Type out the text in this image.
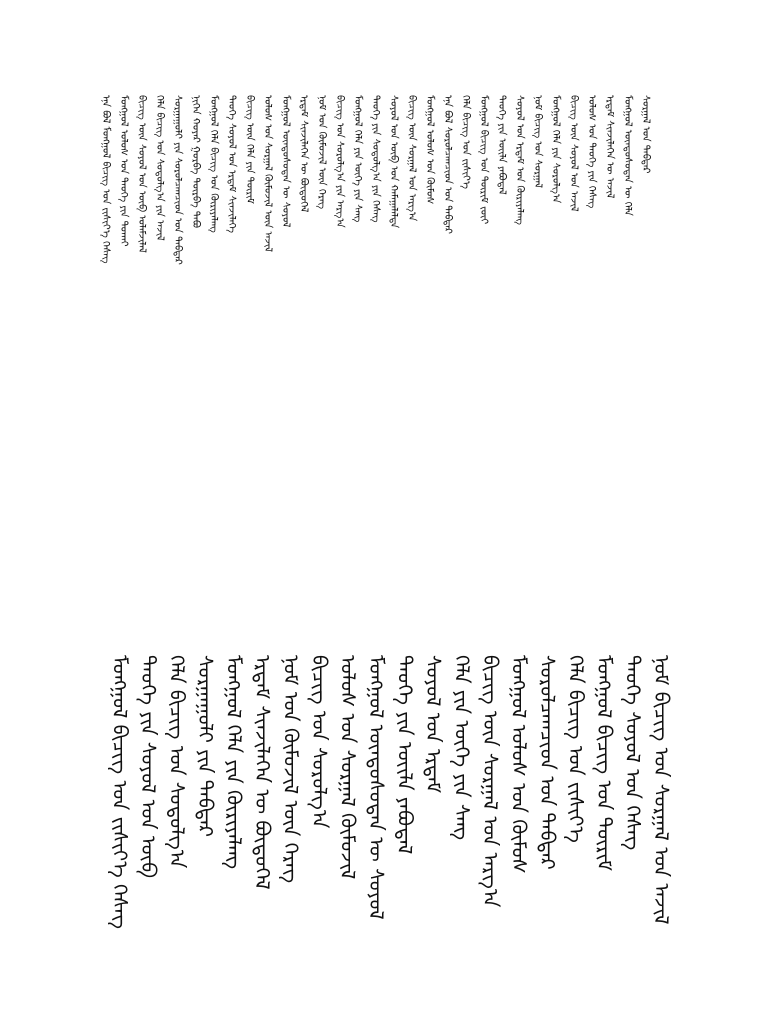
ᠡᠨᠡ ᠪᠣᠯ ᠮᠣᠩᠭᠣᠯ ᠪᠢᠴᠢᠭ ᠤᠨ ᠵᠢᠱᠢᠶ᠎ᠡ ᠬᠡᠰᠡᠭ ᠮᠣᠩᠭᠣᠯ ᠤᠯᠤᠰ ᠤᠨ ᠲᠡᠦᠬᠡ ᠶᠢᠨ ᠲᠤᠬᠠᠢ ᠪᠢᠴᠢᠭ ᠦᠨ ᠰᠣᠶᠣᠯ ᠤᠨ ᠦᠪ ᠤᠯᠠᠮᠵᠢᠯᠠᠯ ᠬᠡᠯᠡ ᠪᠢᠴᠢᠭ ᠤᠨ ᠰᠤᠳᠤᠯᠭ᠎ᠠ ᠶᠢᠨ ᠠᠵᠢᠯ ᠰᠤᠷᠭᠠᠭᠤᠯᠢ ᠶᠢᠨ ᠰᠤᠷᠤᠯᠴᠠᠭᠴᠢᠳ ᠤᠨ ᠳᠡᠪᠲᠡᠷ ᠨᠢᠭᠡᠨ ᠬᠣᠶᠠᠷ ᠭᠤᠷᠪᠠ ᠳᠥᠷᠪᠡ ᠲᠠᠪᠤ ᠮᠣᠩᠭᠣᠯ ᠬᠡᠯᠡ ᠪᠢᠴᠢᠭ ᠤᠨ ᠬᠦᠷᠢᠶᠡᠯᠡᠩ ᠲᠡᠦᠬᠡ ᠰᠣᠶᠣᠯ ᠤᠨ ᠡᠷᠳᠡᠮ ᠰᠢᠨᠵᠢᠯᠡᠭᠡ ᠪᠢᠴᠢᠭ ᠦᠨ ᠬᠡᠯᠡ ᠶᠢᠨ ᠳᠦᠷᠢᠮ ᠤᠯᠤᠰ ᠤᠨ ᠰᠤᠷᠭᠠᠯ ᠬᠦᠮᠦᠵᠢᠯ ᠦᠨ ᠠᠵᠢᠯ ᠮᠣᠩᠭᠣᠯ ᠦᠨᠳᠦᠰᠦᠲᠡᠨ ᠦ ᠰᠣᠶᠣᠯ ᠡᠷᠳᠡᠮ ᠰᠢᠨᠵᠢᠯᠡᠭᠡᠨ ᠦ ᠪᠦᠲᠦᠭᠡᠯ ᠨᠣᠮ ᠤᠨ ᠬᠦᠮᠦᠵᠢᠯ ᠦᠨ ᠬᠡᠷᠡᠭ ᠪᠢᠴᠢᠭ ᠤᠨ ᠰᠤᠷᠤᠯᠭ᠎ᠠ ᠶᠢᠨ ᠠᠷᠭ᠎ᠠ ᠮᠣᠩᠭᠣᠯ ᠬᠡᠯᠡ ᠶᠢᠨ ᠦᠭᠡ ᠶᠢᠨ ᠰᠠᠩ ᠲᠡᠦᠬᠡ ᠶᠢᠨ ᠰᠤᠳᠤᠯᠭ᠎ᠠ ᠶᠢᠨ ᠬᠡᠰᠡᠭ ᠰᠣᠶᠣᠯ ᠤᠨ ᠦᠪ ᠤᠨ ᠬᠠᠮᠠᠭᠠᠯᠠᠯᠲᠠ ᠪᠢᠴᠢᠭ ᠦᠨ ᠰᠤᠷᠭᠠᠯ ᠤᠨ ᠠᠷᠭ᠎ᠠ ᠮᠣᠩᠭᠣᠯ ᠤᠯᠤᠰ ᠤᠨ ᠬᠦᠮᠦᠰ ᠡᠨᠡ ᠪᠣᠯ ᠰᠤᠷᠤᠯᠴᠠᠭᠴᠢᠳ ᠤᠨ ᠳᠡᠪᠲᠡᠷ ᠬᠡᠯᠡ ᠪᠢᠴᠢᠭ ᠤᠨ ᠵᠢᠱᠢᠶ᠎ᠡ ᠮᠣᠩᠭᠣᠯ ᠪᠢᠴᠢᠭ ᠤᠨ ᠳᠦᠷᠢᠮ ᠵᠦᠢ ᠲᠡᠦᠬᠡ ᠶᠢᠨ ᠦᠢᠯᠡ ᠶᠠᠪᠤᠳᠠᠯ ᠰᠣᠶᠣᠯ ᠤᠨ ᠡᠷᠳᠡᠮ ᠤᠨ ᠬᠦᠷᠢᠶᠡᠯᠡᠩ ᠨᠣᠮ ᠪᠢᠴᠢᠭ ᠤᠨ ᠰᠤᠷᠭᠠᠯ ᠮᠣᠩᠭᠣᠯ ᠬᠡᠯᠡ ᠶᠢᠨ ᠰᠤᠷᠤᠯᠭ᠎ᠠ ᠪᠢᠴᠢᠭ ᠦᠨ ᠰᠣᠶᠣᠯ ᠤᠨ ᠠᠵᠢᠯ ᠤᠯᠤᠰ ᠤᠨ ᠲᠡᠦᠬᠡ ᠶᠢᠨ ᠬᠡᠰᠡᠭ ᠡᠷᠳᠡᠮ ᠰᠢᠨᠵᠢᠯᠡᠭᠡᠨ ᠦ ᠠᠵᠢᠯ ᠮᠣᠩᠭᠣᠯ ᠦᠨᠳᠦᠰᠦᠲᠡᠨ ᠦ ᠬᠡᠯᠡ ᠰᠤᠷᠭᠠᠯ ᠤᠨ ᠳᠡᠪᠲᠡᠷ
ᠮᠣᠩᠭᠣᠯ ᠪᠢᠴᠢᠭ ᠤᠨ ᠵᠢᠱᠢᠶ᠎ᠡ ᠬᠡᠰᠡᠭ ᠲᠡᠦᠬᠡ ᠶᠢᠨ ᠰᠣᠶᠣᠯ ᠤᠨ ᠦᠪ ᠬᠡᠯᠡ ᠪᠢᠴᠢᠭ ᠤᠨ ᠰᠤᠳᠤᠯᠭ᠎ᠠ ᠰᠤᠷᠭᠠᠭᠤᠯᠢ ᠶᠢᠨ ᠳᠡᠪᠲᠡᠷ ᠮᠣᠩᠭᠣᠯ ᠬᠡᠯᠡ ᠶᠢᠨ ᠬᠦᠷᠢᠶᠡᠯᠡᠩ ᠡᠷᠳᠡᠮ ᠰᠢᠨᠵᠢᠯᠡᠭᠡᠨ ᠦ ᠪᠦᠲᠦᠭᠡᠯ ᠨᠣᠮ ᠤᠨ ᠬᠦᠮᠦᠵᠢᠯ ᠦᠨ ᠬᠡᠷᠡᠭ ᠪᠢᠴᠢᠭ ᠤᠨ ᠰᠤᠷᠤᠯᠭ᠎ᠠ ᠤᠯᠤᠰ ᠤᠨ ᠰᠤᠷᠭᠠᠯ ᠬᠦᠮᠦᠵᠢᠯ ᠮᠣᠩᠭᠣᠯ ᠦᠨᠳᠦᠰᠦᠲᠡᠨ ᠦ ᠰᠣᠶᠣᠯ ᠲᠡᠦᠬᠡ ᠶᠢᠨ ᠦᠢᠯᠡ ᠶᠠᠪᠤᠳᠠᠯ ᠰᠣᠶᠣᠯ ᠤᠨ ᠡᠷᠳᠡᠮ ᠬᠡᠯᠡ ᠶᠢᠨ ᠦᠭᠡ ᠶᠢᠨ ᠰᠠᠩ ᠪᠢᠴᠢᠭ ᠦᠨ ᠰᠤᠷᠭᠠᠯ ᠤᠨ ᠠᠷᠭ᠎ᠠ ᠮᠣᠩᠭᠣᠯ ᠤᠯᠤᠰ ᠤᠨ ᠬᠦᠮᠦᠰ ᠰᠤᠷᠤᠯᠴᠠᠭᠴᠢᠳ ᠤᠨ ᠳᠡᠪᠲᠡᠷ ᠬᠡᠯᠡ ᠪᠢᠴᠢᠭ ᠤᠨ ᠵᠢᠱᠢᠶ᠎ᠡ ᠮᠣᠩᠭᠣᠯ ᠪᠢᠴᠢᠭ ᠤᠨ ᠳᠦᠷᠢᠮ ᠲᠡᠦᠬᠡ ᠰᠣᠶᠣᠯ ᠤᠨ ᠬᠡᠰᠡᠭ ᠨᠣᠮ ᠪᠢᠴᠢᠭ ᠤᠨ ᠰᠤᠷᠭᠠᠯ ᠤᠨ ᠠᠵᠢᠯ
